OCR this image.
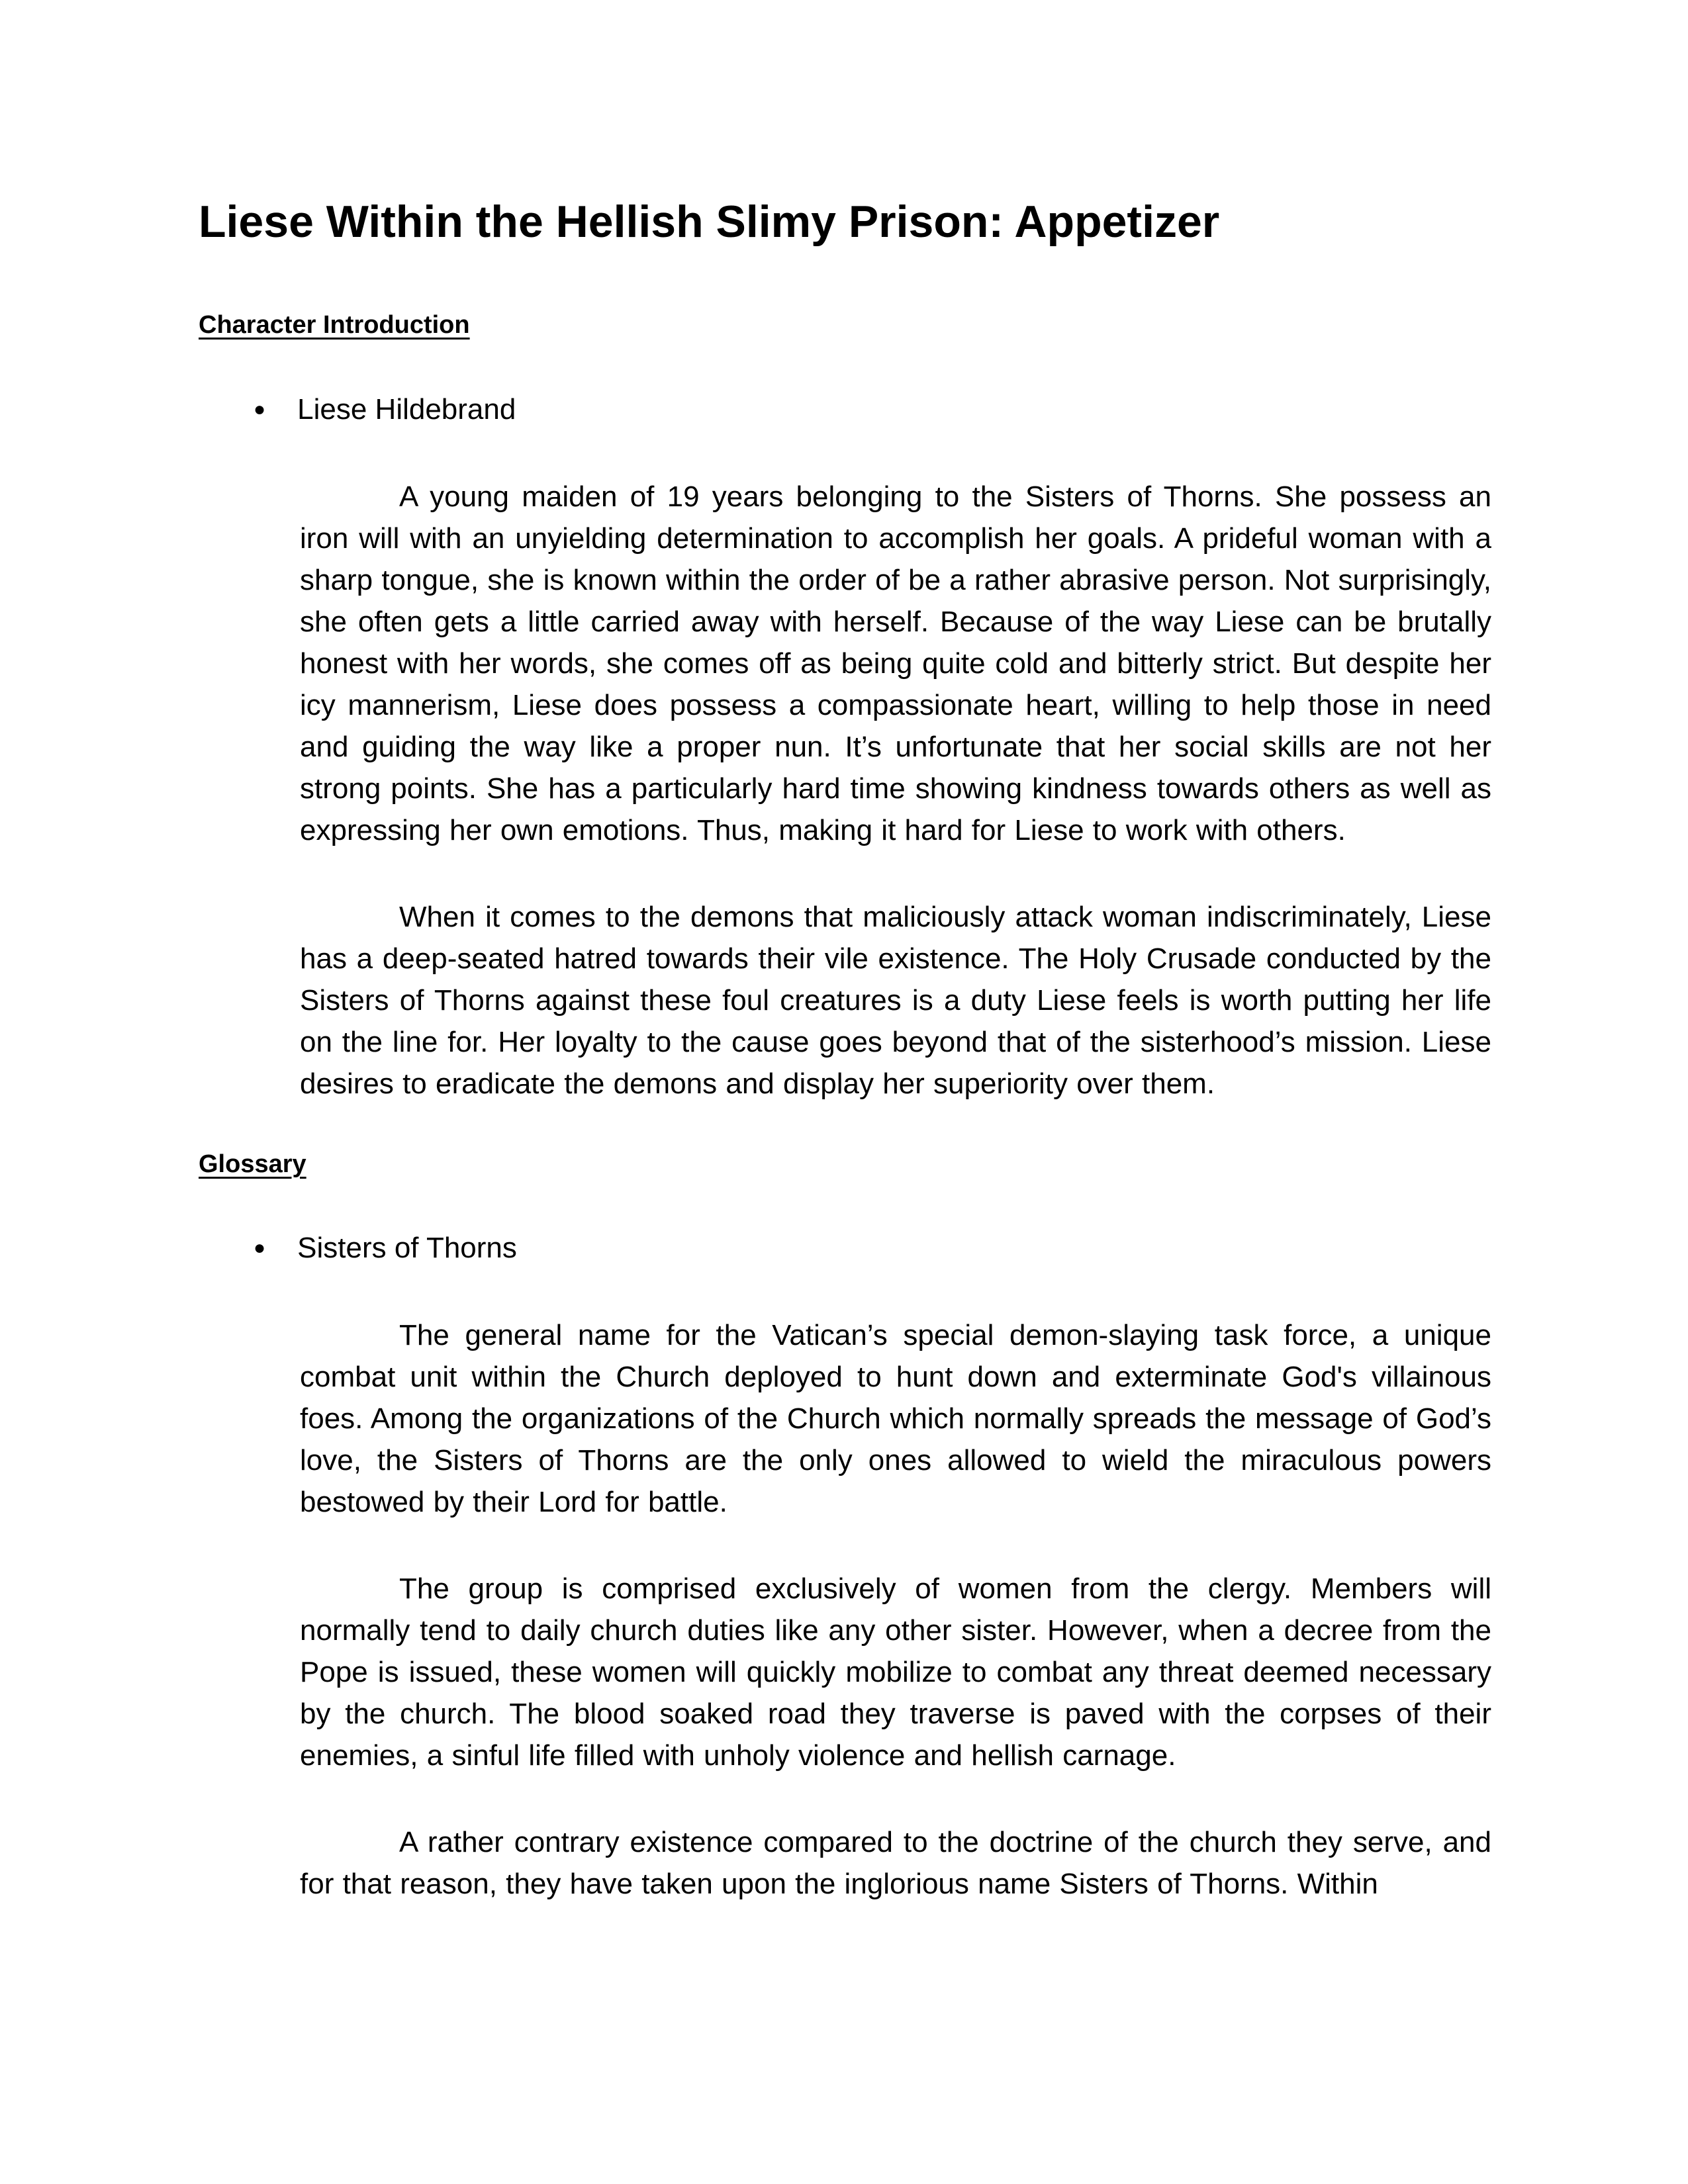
Liese Within the Hellish Slimy Prison: Appetizer
Character Introduction
● Liese Hildebrand

A young maiden of 19 years belonging to the Sisters of Thorns. She possess an iron will with an unyielding determination to accomplish her goals. A prideful woman with a sharp tongue, she is known within the order of be a rather abrasive person. Not surprisingly, she often gets a little carried away with herself. Because of the way Liese can be brutally honest with her words, she comes off as being quite cold and bitterly strict. But despite her icy mannerism, Liese does possess a compassionate heart, willing to help those in need and guiding the way like a proper nun. It’s unfortunate that her social skills are not her strong points. She has a particularly hard time showing kindness towards others as well as expressing her own emotions. Thus, making it hard for Liese to work with others.

When it comes to the demons that maliciously attack woman indiscriminately, Liese has a deep-seated hatred towards their vile existence. The Holy Crusade conducted by the Sisters of Thorns against these foul creatures is a duty Liese feels is worth putting her life on the line for. Her loyalty to the cause goes beyond that of the sisterhood’s mission. Liese desires to eradicate the demons and display her superiority over them.

Glossary
● Sisters of Thorns

The general name for the Vatican’s special demon-slaying task force, a unique combat unit within the Church deployed to hunt down and exterminate God's villainous foes. Among the organizations of the Church which normally spreads the message of God’s love, the Sisters of Thorns are the only ones allowed to wield the miraculous powers bestowed by their Lord for battle.

The group is comprised exclusively of women from the clergy. Members will normally tend to daily church duties like any other sister. However, when a decree from the Pope is issued, these women will quickly mobilize to combat any threat deemed necessary by the church. The blood soaked road they traverse is paved with the corpses of their enemies, a sinful life filled with unholy violence and hellish carnage.

A rather contrary existence compared to the doctrine of the church they serve, and for that reason, they have taken upon the inglorious name Sisters of Thorns. Within
